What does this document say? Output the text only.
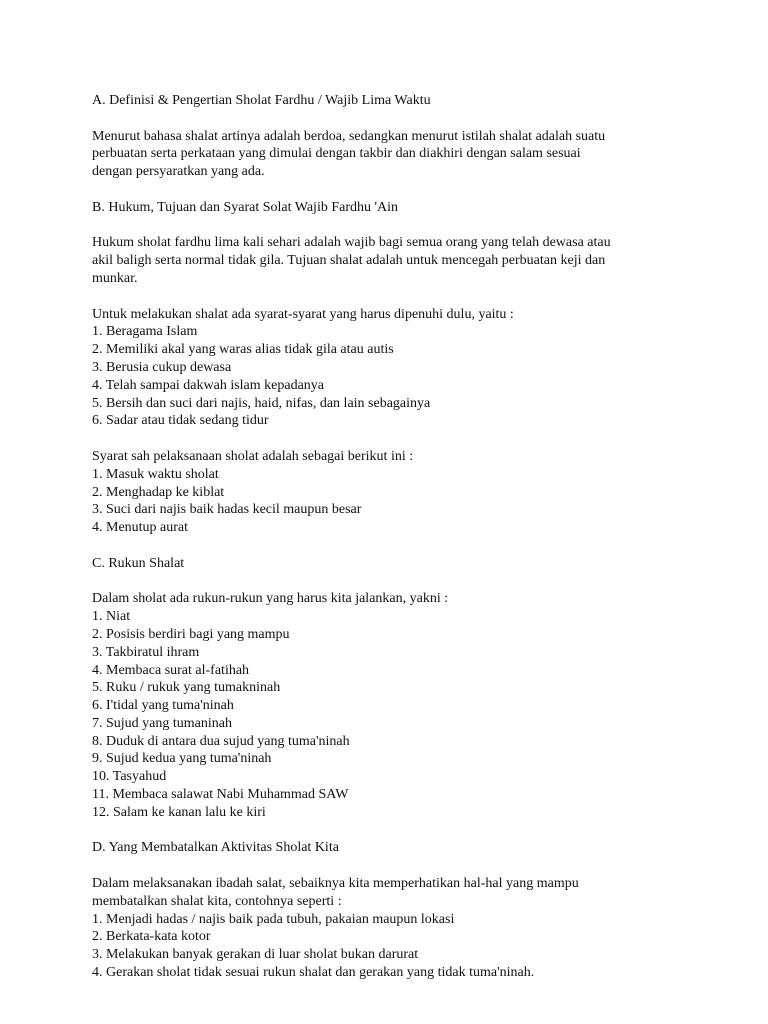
A. Definisi & Pengertian Sholat Fardhu / Wajib Lima Waktu

Menurut bahasa shalat artinya adalah berdoa, sedangkan menurut istilah shalat adalah suatu

perbuatan serta perkataan yang dimulai dengan takbir dan diakhiri dengan salam sesuai

dengan persyaratkan yang ada.

B. Hukum, Tujuan dan Syarat Solat Wajib Fardhu 'Ain

Hukum sholat fardhu lima kali sehari adalah wajib bagi semua orang yang telah dewasa atau

akil baligh serta normal tidak gila. Tujuan shalat adalah untuk mencegah perbuatan keji dan

munkar.

Untuk melakukan shalat ada syarat-syarat yang harus dipenuhi dulu, yaitu :

1. Beragama Islam

2. Memiliki akal yang waras alias tidak gila atau autis

3. Berusia cukup dewasa

4. Telah sampai dakwah islam kepadanya

5. Bersih dan suci dari najis, haid, nifas, dan lain sebagainya

6. Sadar atau tidak sedang tidur

Syarat sah pelaksanaan sholat adalah sebagai berikut ini :

1. Masuk waktu sholat

2. Menghadap ke kiblat

3. Suci dari najis baik hadas kecil maupun besar

4. Menutup aurat

C. Rukun Shalat

Dalam sholat ada rukun-rukun yang harus kita jalankan, yakni :

1. Niat

2. Posisis berdiri bagi yang mampu

3. Takbiratul ihram

4. Membaca surat al-fatihah

5. Ruku / rukuk yang tumakninah

6. I'tidal yang tuma'ninah

7. Sujud yang tumaninah

8. Duduk di antara dua sujud yang tuma'ninah

9. Sujud kedua yang tuma'ninah

10. Tasyahud

11. Membaca salawat Nabi Muhammad SAW

12. Salam ke kanan lalu ke kiri

D. Yang Membatalkan Aktivitas Sholat Kita

Dalam melaksanakan ibadah salat, sebaiknya kita memperhatikan hal-hal yang mampu

membatalkan shalat kita, contohnya seperti :

1. Menjadi hadas / najis baik pada tubuh, pakaian maupun lokasi

2. Berkata-kata kotor

3. Melakukan banyak gerakan di luar sholat bukan darurat

4. Gerakan sholat tidak sesuai rukun shalat dan gerakan yang tidak tuma'ninah.
